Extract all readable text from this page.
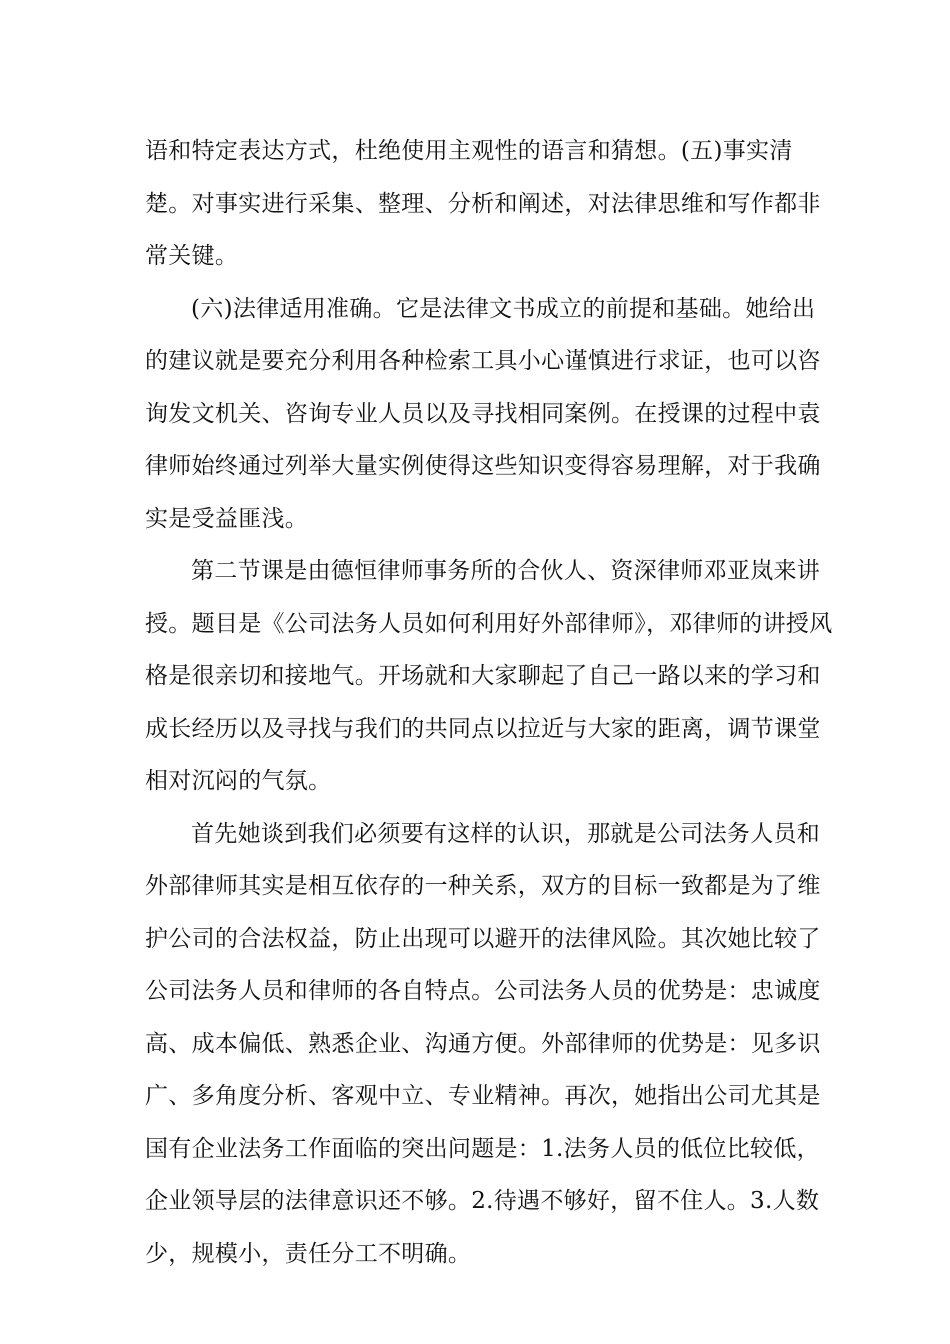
语和特定表达方式，杜绝使用主观性的语言和猜想。(五)事实清楚。对事实进行采集、整理、分析和阐述，对法律思维和写作都非常关键。

(六)法律适用准确。它是法律文书成立的前提和基础。她给出的建议就是要充分利用各种检索工具小心谨慎进行求证，也可以咨询发文机关、咨询专业人员以及寻找相同案例。在授课的过程中袁律师始终通过列举大量实例使得这些知识变得容易理解，对于我确实是受益匪浅。

第二节课是由德恒律师事务所的合伙人、资深律师邓亚岚来讲授。题目是《公司法务人员如何利用好外部律师》，邓律师的讲授风格是很亲切和接地气。开场就和大家聊起了自己一路以来的学习和成长经历以及寻找与我们的共同点以拉近与大家的距离，调节课堂相对沉闷的气氛。

首先她谈到我们必须要有这样的认识，那就是公司法务人员和外部律师其实是相互依存的一种关系，双方的目标一致都是为了维护公司的合法权益，防止出现可以避开的法律风险。其次她比较了公司法务人员和律师的各自特点。公司法务人员的优势是：忠诚度高、成本偏低、熟悉企业、沟通方便。外部律师的优势是：见多识广、多角度分析、客观中立、专业精神。再次，她指出公司尤其是国有企业法务工作面临的突出问题是：1.法务人员的低位比较低，企业领导层的法律意识还不够。2.待遇不够好，留不住人。3.人数少，规模小，责任分工不明确。
